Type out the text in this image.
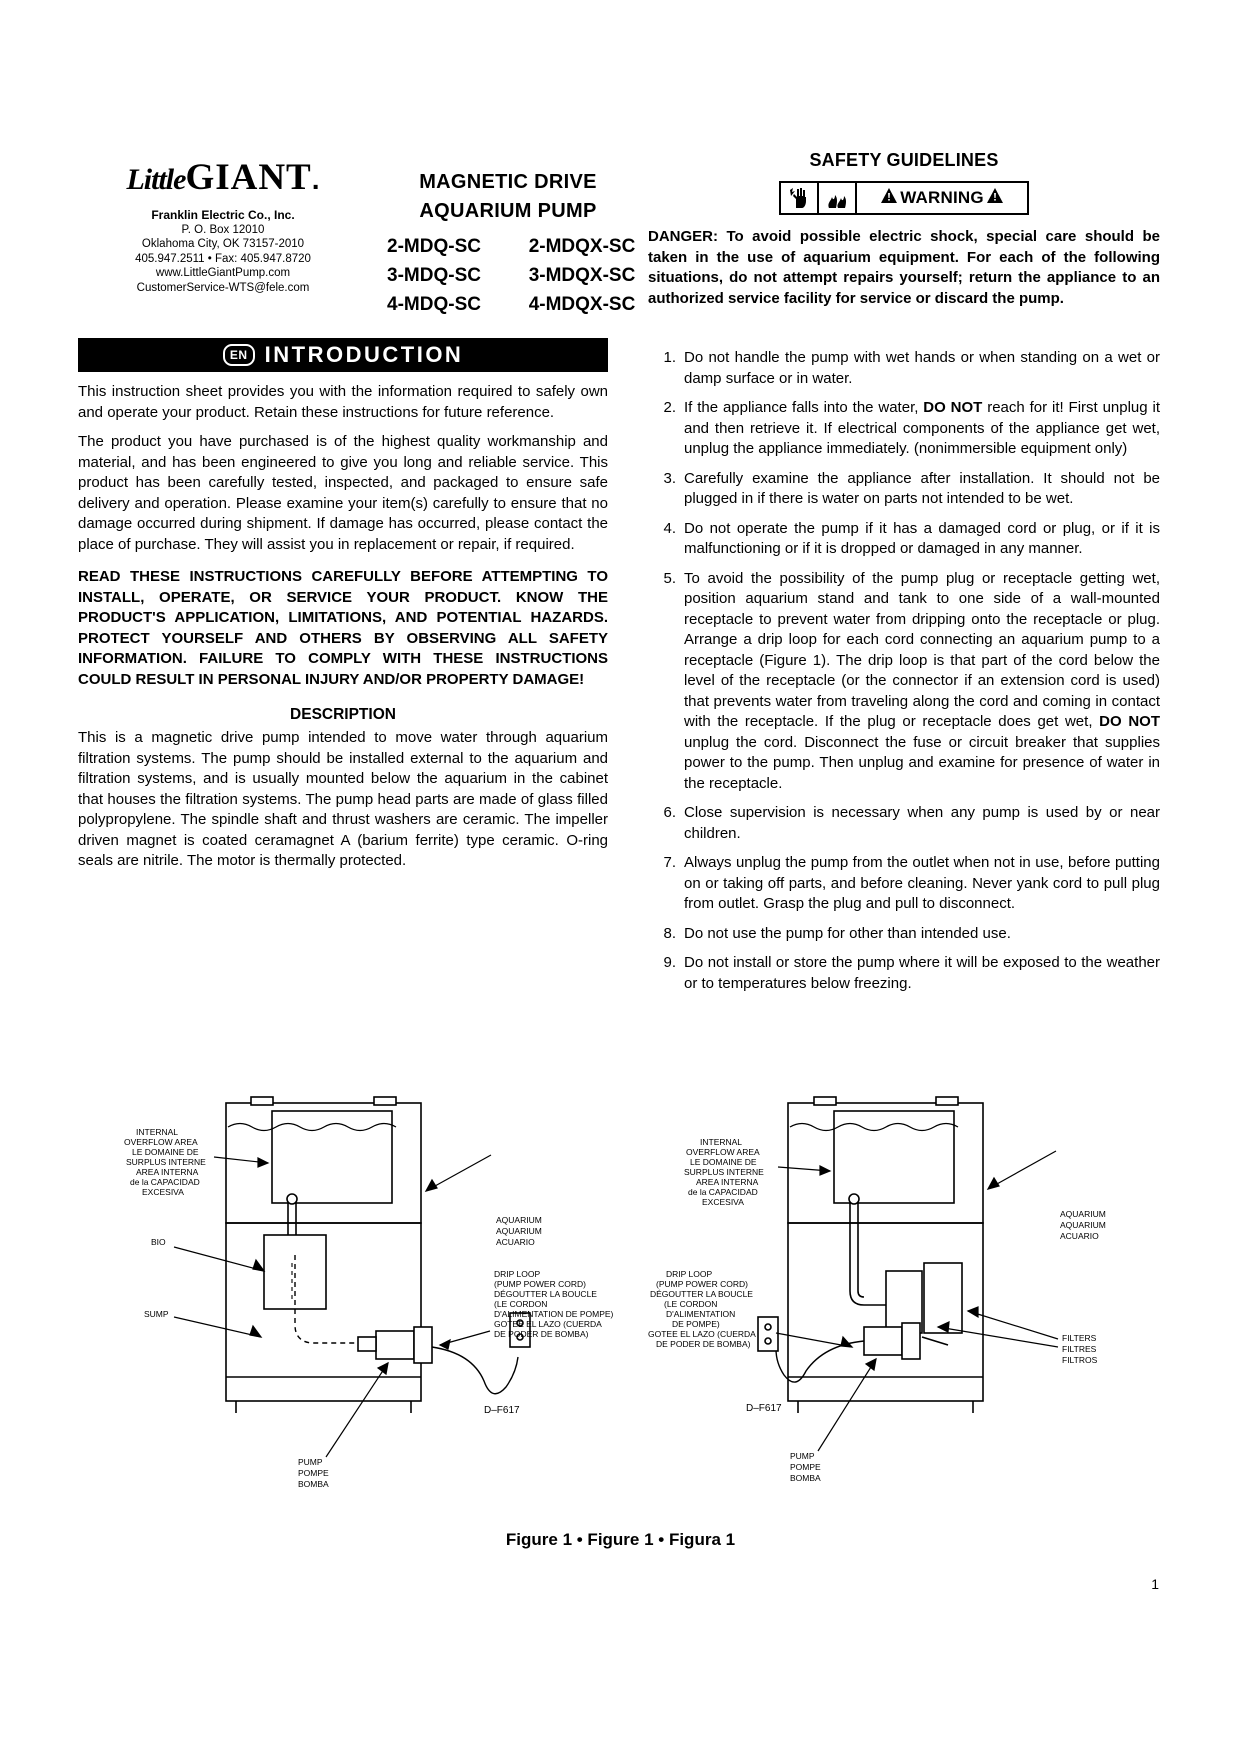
LittleGIANT.
Franklin Electric Co., Inc.
P. O. Box 12010
Oklahoma City, OK 73157-2010
405.947.2511 • Fax: 405.947.8720
www.LittleGiantPump.com
CustomerService-WTS@fele.com
MAGNETIC DRIVE
AQUARIUM PUMP
2-MDQ-SC	2-MDQX-SC
3-MDQ-SC	3-MDQX-SC
4-MDQ-SC	4-MDQX-SC
SAFETY GUIDELINES
WARNING

DANGER: To avoid possible electric shock, special care should be taken in the use of aquarium equipment. For each of the following situations, do not attempt repairs yourself; return the appliance to an authorized service facility for service or discard the pump.

EN INTRODUCTION

This instruction sheet provides you with the information required to safely own and operate your product. Retain these instructions for future reference.

The product you have purchased is of the highest quality workmanship and material, and has been engineered to give you long and reliable service. This product has been carefully tested, inspected, and packaged to ensure safe delivery and operation. Please examine your item(s) carefully to ensure that no damage occurred during shipment. If damage has occurred, please contact the place of purchase. They will assist you in replacement or repair, if required.

READ THESE INSTRUCTIONS CAREFULLY BEFORE ATTEMPTING TO INSTALL, OPERATE, OR SERVICE YOUR PRODUCT. KNOW THE PRODUCT'S APPLICATION, LIMITATIONS, AND POTENTIAL HAZARDS. PROTECT YOURSELF AND OTHERS BY OBSERVING ALL SAFETY INFORMATION. FAILURE TO COMPLY WITH THESE INSTRUCTIONS COULD RESULT IN PERSONAL INJURY AND/OR PROPERTY DAMAGE!

DESCRIPTION

This is a magnetic drive pump intended to move water through aquarium filtration systems. The pump should be installed external to the aquarium and filtration systems, and is usually mounted below the aquarium in the cabinet that houses the filtration systems. The pump head parts are made of glass filled polypropylene. The spindle shaft and thrust washers are ceramic. The impeller driven magnet is coated ceramagnet A (barium ferrite) type ceramic. O-ring seals are nitrile. The motor is thermally protected.

1. Do not handle the pump with wet hands or when standing on a wet or damp surface or in water.
2. If the appliance falls into the water, DO NOT reach for it! First unplug it and then retrieve it. If electrical components of the appliance get wet, unplug the appliance immediately. (nonimmersible equipment only)
3. Carefully examine the appliance after installation. It should not be plugged in if there is water on parts not intended to be wet.
4. Do not operate the pump if it has a damaged cord or plug, or if it is malfunctioning or if it is dropped or damaged in any manner.
5. To avoid the possibility of the pump plug or receptacle getting wet, position aquarium stand and tank to one side of a wall-mounted receptacle to prevent water from dripping onto the receptacle or plug. Arrange a drip loop for each cord connecting an aquarium pump to a receptacle (Figure 1). The drip loop is that part of the cord below the level of the receptacle (or the connector if an extension cord is used) that prevents water from traveling along the cord and coming in contact with the receptacle. If the plug or receptacle does get wet, DO NOT unplug the cord. Disconnect the fuse or circuit breaker that supplies power to the pump. Then unplug and examine for presence of water in the receptacle.
6. Close supervision is necessary when any pump is used by or near children.
7. Always unplug the pump from the outlet when not in use, before putting on or taking off parts, and before cleaning. Never yank cord to pull plug from outlet. Grasp the plug and pull to disconnect.
8. Do not use the pump for other than intended use.
9. Do not install or store the pump where it will be exposed to the weather or to temperatures below freezing.
INTERNAL
OVERFLOW AREA
LE DOMAINE DE
SURPLUS INTERNE
AREA INTERNA
de la CAPACIDAD
EXCESIVA
BIO
SUMP
AQUARIUM
AQUARIUM
ACUARIO
DRIP LOOP
(PUMP POWER CORD)
DÉGOUTTER LA BOUCLE
(LE CORDON
D'ALIMENTATION DE POMPE)
GOTEE EL LAZO (CUERDA
DE PODER DE BOMBA)
PUMP
POMPE
BOMBA
D–F617
INTERNAL
OVERFLOW AREA
LE DOMAINE DE
SURPLUS INTERNE
AREA INTERNA
de la CAPACIDAD
EXCESIVA
AQUARIUM
AQUARIUM
ACUARIO
FILTERS
FILTRES
FILTROS
DRIP LOOP
(PUMP POWER CORD)
DÉGOUTTER LA BOUCLE
(LE CORDON
D'ALIMENTATION
DE POMPE)
GOTEE EL LAZO (CUERDA
DE PODER DE BOMBA)
PUMP
POMPE
BOMBA
D–F617
Figure 1 • Figure 1 • Figura 1
1
